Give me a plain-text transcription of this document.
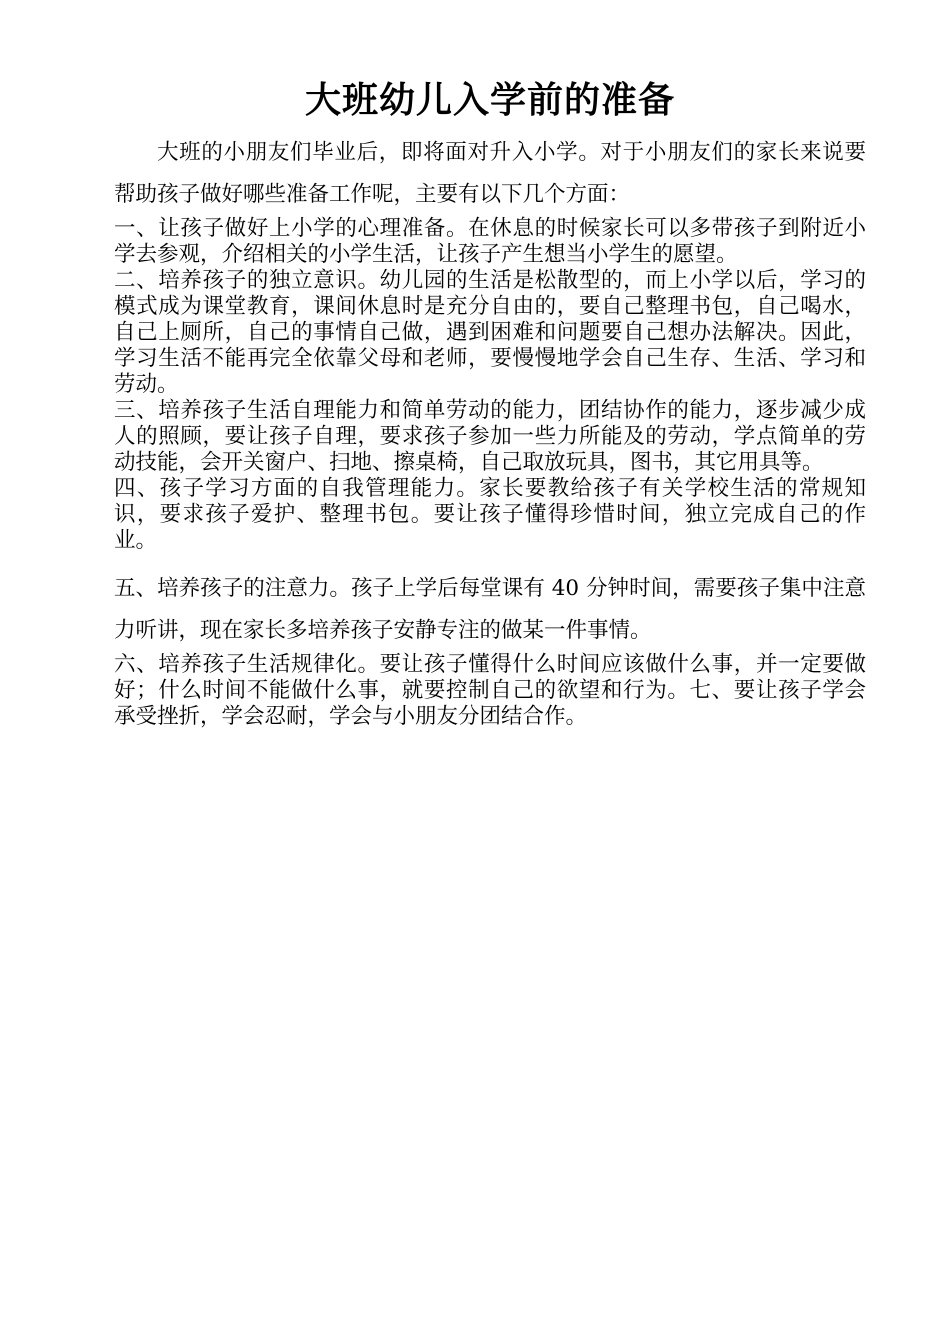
大班幼儿入学前的准备

大班的小朋友们毕业后，即将面对升入小学。对于小朋友们的家长来说要帮助孩子做好哪些准备工作呢，主要有以下几个方面：

一、让孩子做好上小学的心理准备。在休息的时候家长可以多带孩子到附近小学去参观，介绍相关的小学生活，让孩子产生想当小学生的愿望。

二、培养孩子的独立意识。幼儿园的生活是松散型的，而上小学以后，学习的模式成为课堂教育，课间休息时是充分自由的，要自己整理书包，自己喝水，自己上厕所，自己的事情自己做，遇到困难和问题要自己想办法解决。因此，学习生活不能再完全依靠父母和老师，要慢慢地学会自己生存、生活、学习和劳动。

三、培养孩子生活自理能力和简单劳动的能力，团结协作的能力，逐步减少成人的照顾，要让孩子自理，要求孩子参加一些力所能及的劳动，学点简单的劳动技能，会开关窗户、扫地、擦桌椅，自己取放玩具，图书，其它用具等。

四、孩子学习方面的自我管理能力。家长要教给孩子有关学校生活的常规知识，要求孩子爱护、整理书包。要让孩子懂得珍惜时间，独立完成自己的作业。

五、培养孩子的注意力。孩子上学后每堂课有 40 分钟时间，需要孩子集中注意力听讲，现在家长多培养孩子安静专注的做某一件事情。

六、培养孩子生活规律化。要让孩子懂得什么时间应该做什么事，并一定要做好；什么时间不能做什么事，就要控制自己的欲望和行为。七、要让孩子学会承受挫折，学会忍耐，学会与小朋友分团结合作。
